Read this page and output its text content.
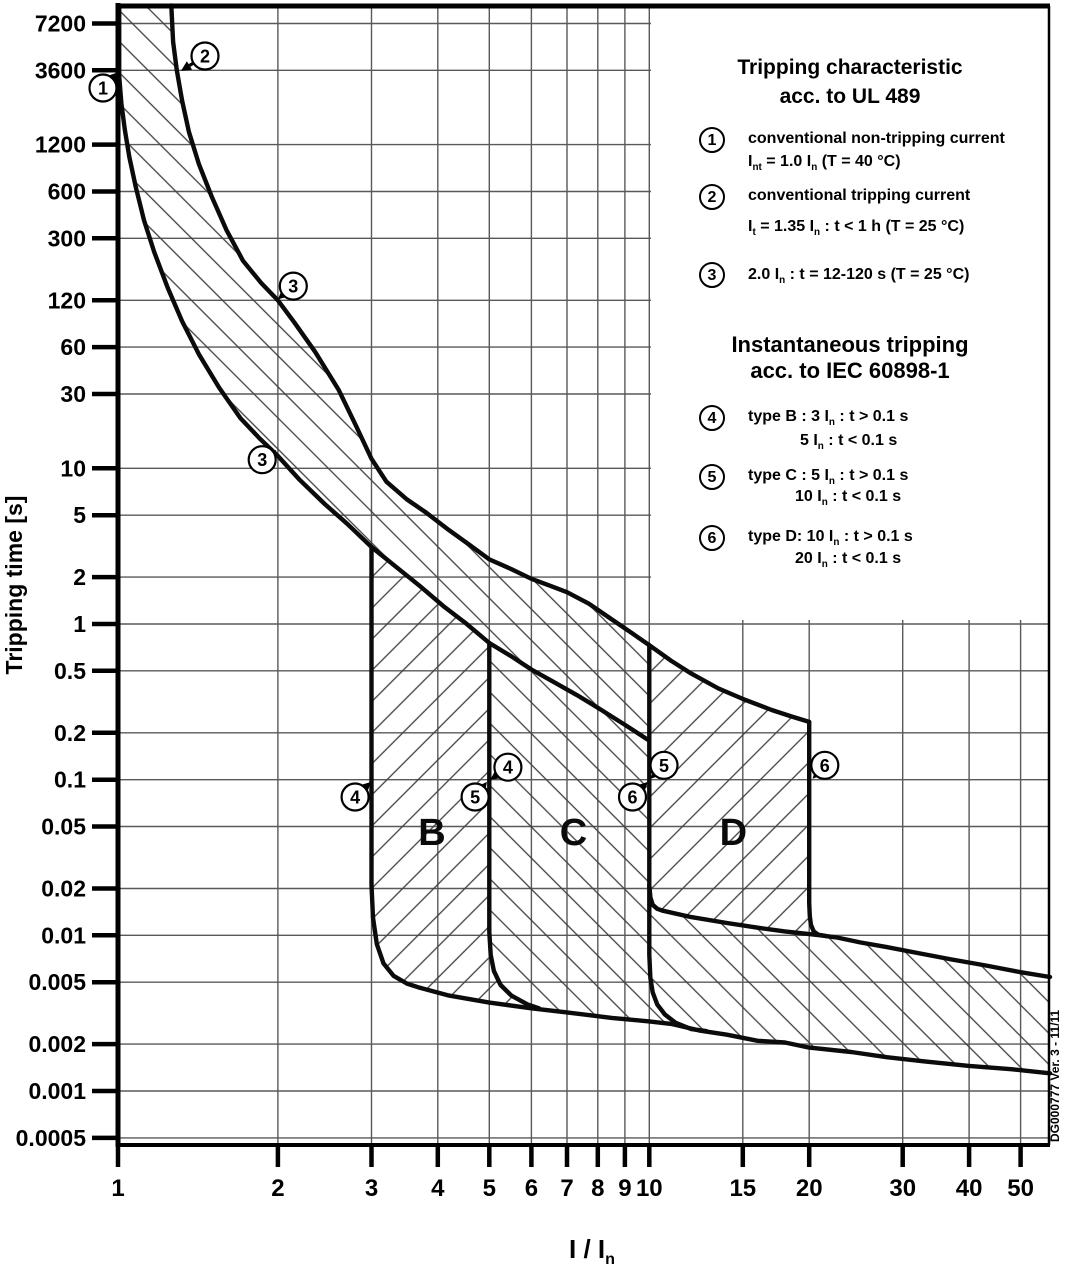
7200
3600
1200
600
300
120
60
30
10
5
2
1
0.5
0.2
0.1
0.05
0.02
0.01
0.005
0.002
0.001
0.0005
1	2	3 4 5 6 7 8 9 10	15 20	30 40 50
B	C	D
1
2
3
3
4
4
5
5
6
6
Tripping time [s]
I / $I_n$
Tripping characteristic
acc. to UL 489
1	conventional non-tripping current
$I_{nt} = 1.0$ $I_n$ (T = 40 °C)
2	conventional tripping current
$I_t = 1.35$ $I_n$ : t < 1 h (T = 25 °C)
3	2.0 $I_n$ : t = 12-120 s (T = 25 °C)
Instantaneous tripping
acc. to IEC 60898-1
4	type B : 3 $I_n$ : t > 0.1 s
5 $I_n$ : t < 0.1 s
5	type C : 5 $I_n$ : t > 0.1 s
10 $I_n$ : t < 0.1 s
6	type D: 10 $I_n$ : t > 0.1 s
20 $I_n$ : t < 0.1 s
DG000777 Ver. 3 - 11/11
